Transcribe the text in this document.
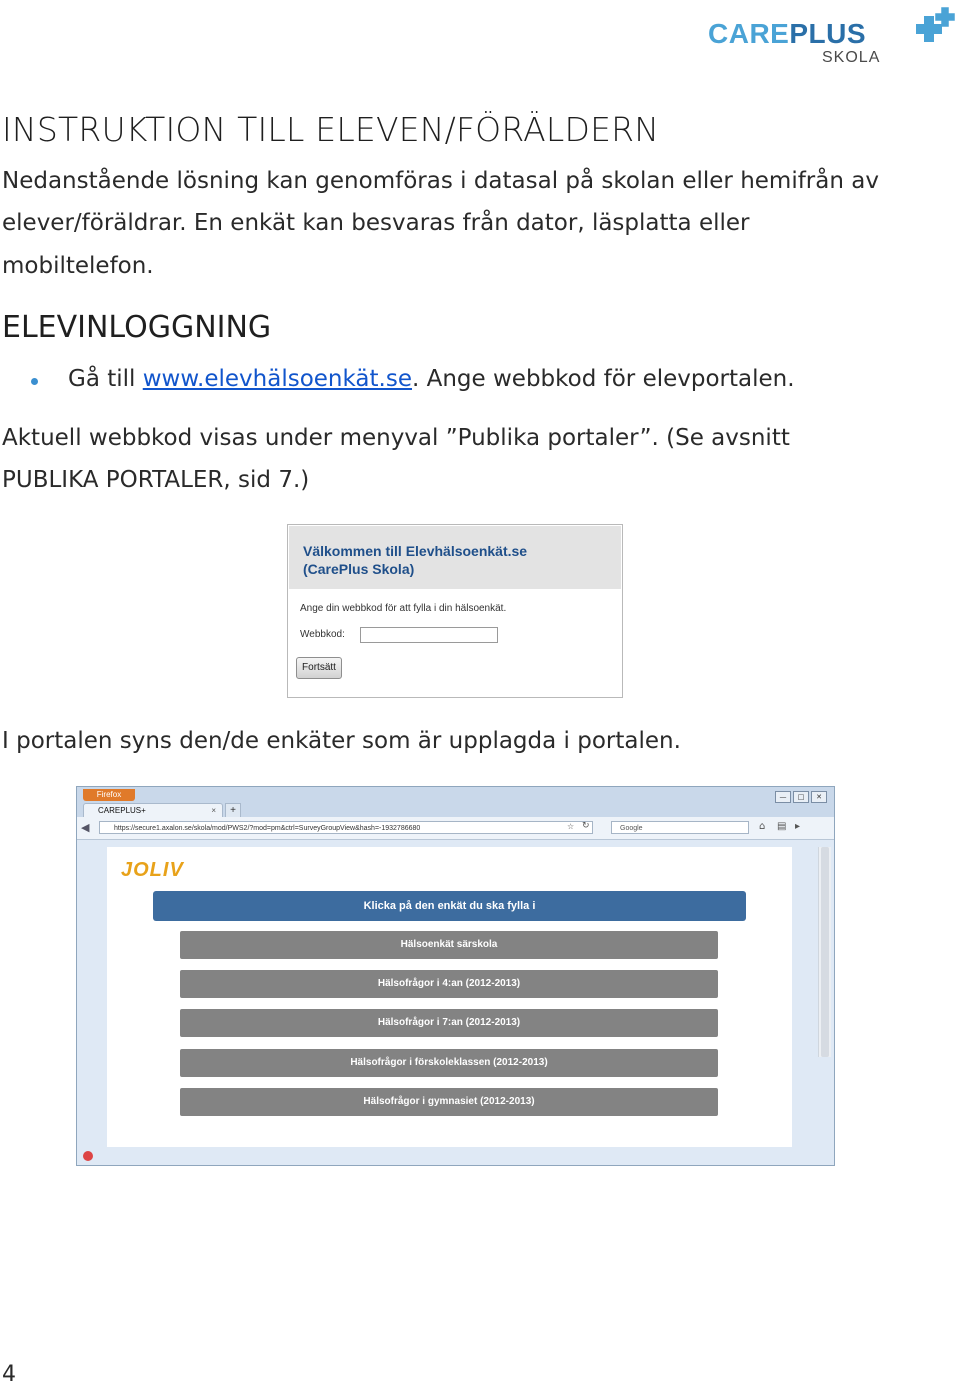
CAREPLUS
SKOLA
INSTRUKTION TILL ELEVEN/FÖRÄLDERN
Nedanstående lösning kan genomföras i datasal på skolan eller hemifrån av
elever/föräldrar. En enkät kan besvaras från dator, läsplatta eller
mobiltelefon.
ELEVINLOGGNING
Gå till www.elevhälsoenkät.se. Ange webbkod för elevportalen.
Aktuell webbkod visas under menyval ”Publika portaler”. (Se avsnitt
PUBLIKA PORTALER, sid 7.)
Välkommen till Elevhälsoenkät.se
(CarePlus Skola)
Ange din webbkod för att fylla i din hälsoenkät.
Webbkod:
Fortsätt
I portalen syns den/de enkäter som är upplagda i portalen.
Firefox
CAREPLUS+	×	+
—	□	✕
◀	https://secure1.axalon.se/skola/mod/PWS2/?mod=pm&ctrl=SurveyGroupView&hash=-1932786680	☆ ↻	Google	⌂ ▤ ▸
JOLIV
Klicka på den enkät du ska fylla i
Hälsoenkät särskola
Hälsofrågor i 4:an (2012-2013)
Hälsofrågor i 7:an (2012-2013)
Hälsofrågor i förskoleklassen (2012-2013)
Hälsofrågor i gymnasiet (2012-2013)
4
